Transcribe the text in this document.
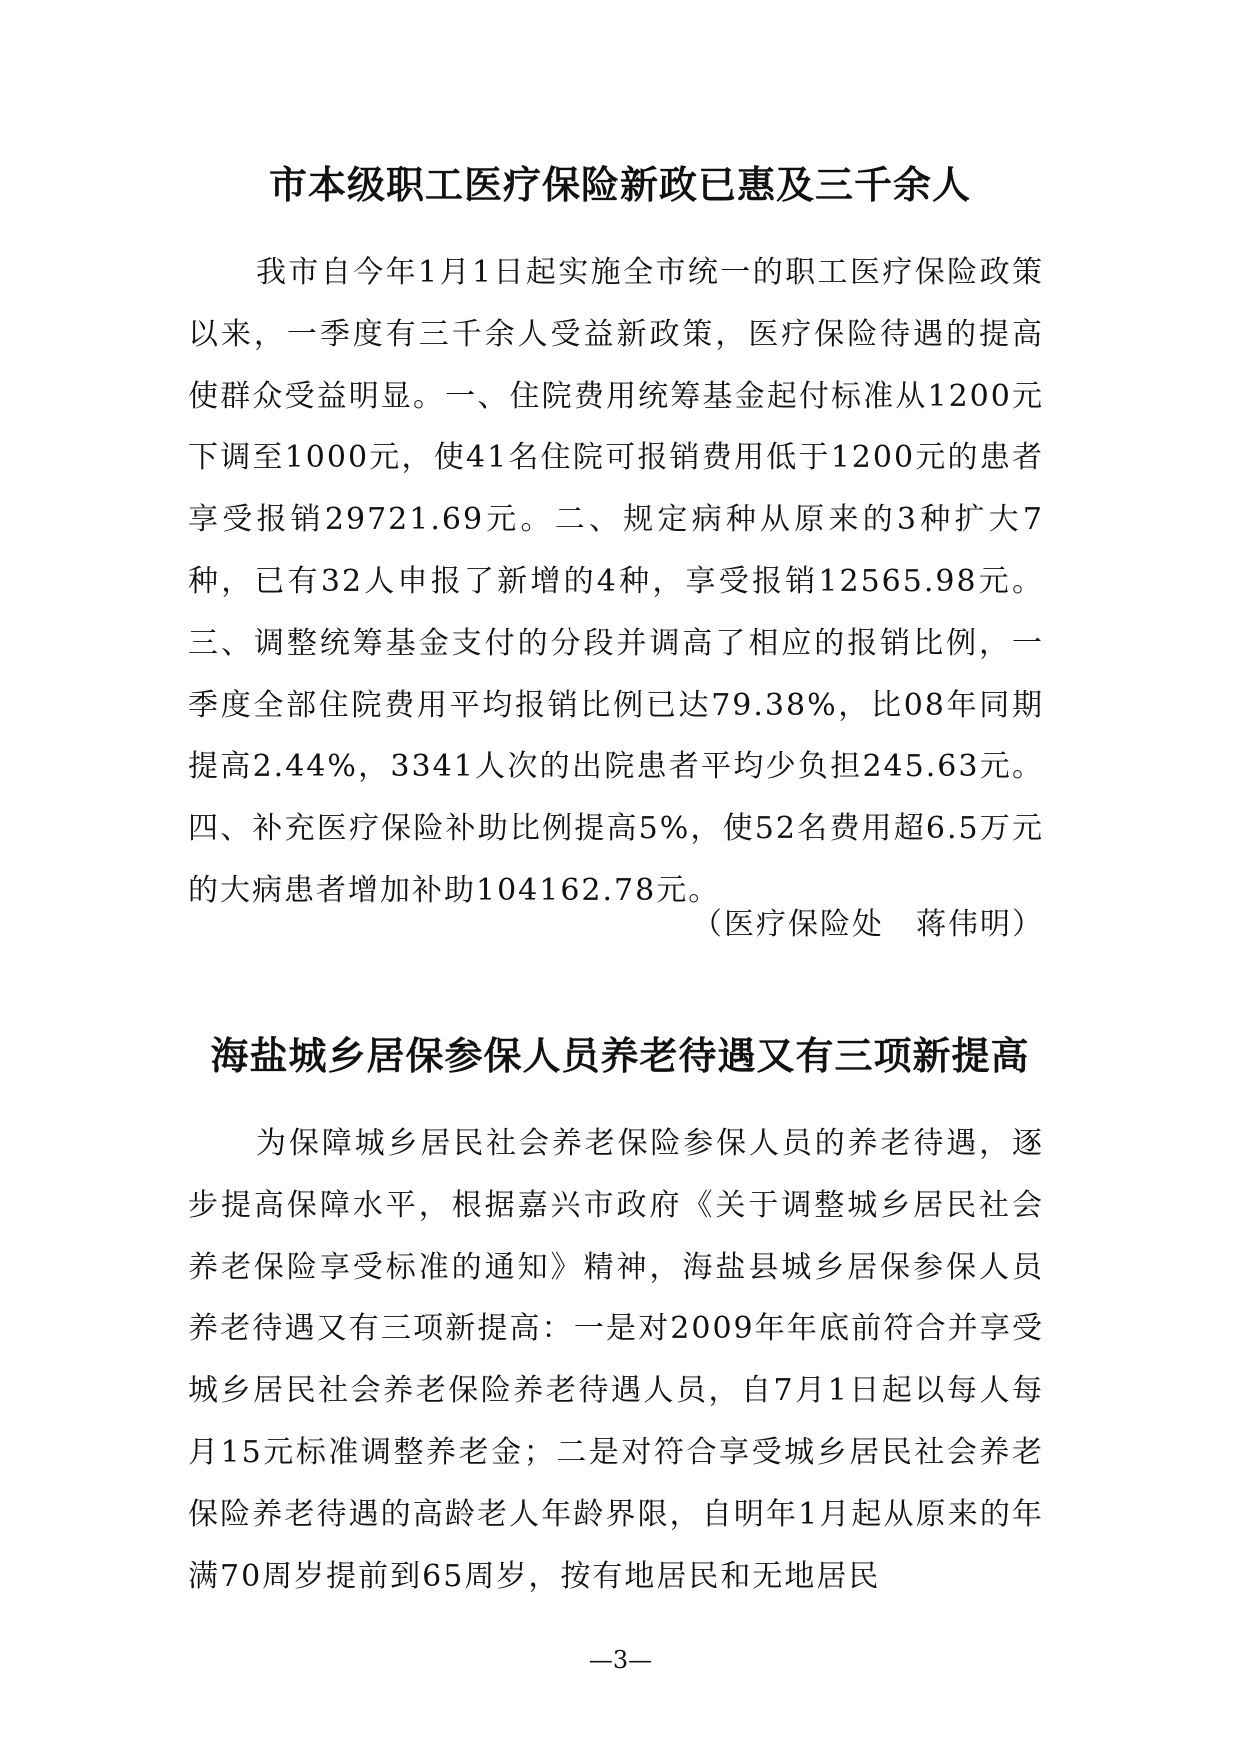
市本级职工医疗保险新政已惠及三千余人

我市自今年1月1日起实施全市统一的职工医疗保险政策以来，一季度有三千余人受益新政策，医疗保险待遇的提高使群众受益明显。一、住院费用统筹基金起付标准从1200元下调至1000元，使41名住院可报销费用低于1200元的患者享受报销29721.69元。二、规定病种从原来的3种扩大7种，已有32人申报了新增的4种，享受报销12565.98元。三、调整统筹基金支付的分段并调高了相应的报销比例，一季度全部住院费用平均报销比例已达79.38%，比08年同期提高2.44%，3341人次的出院患者平均少负担245.63元。四、补充医疗保险补助比例提高5%，使52名费用超6.5万元的大病患者增加补助104162.78元。

（医疗保险处　蒋伟明）

海盐城乡居保参保人员养老待遇又有三项新提高

为保障城乡居民社会养老保险参保人员的养老待遇，逐步提高保障水平，根据嘉兴市政府《关于调整城乡居民社会养老保险享受标准的通知》精神，海盐县城乡居保参保人员养老待遇又有三项新提高：一是对2009年年底前符合并享受城乡居民社会养老保险养老待遇人员，自7月1日起以每人每月15元标准调整养老金；二是对符合享受城乡居民社会养老保险养老待遇的高龄老人年龄界限，自明年1月起从原来的年满70周岁提前到65周岁，按有地居民和无地居民

—3—
